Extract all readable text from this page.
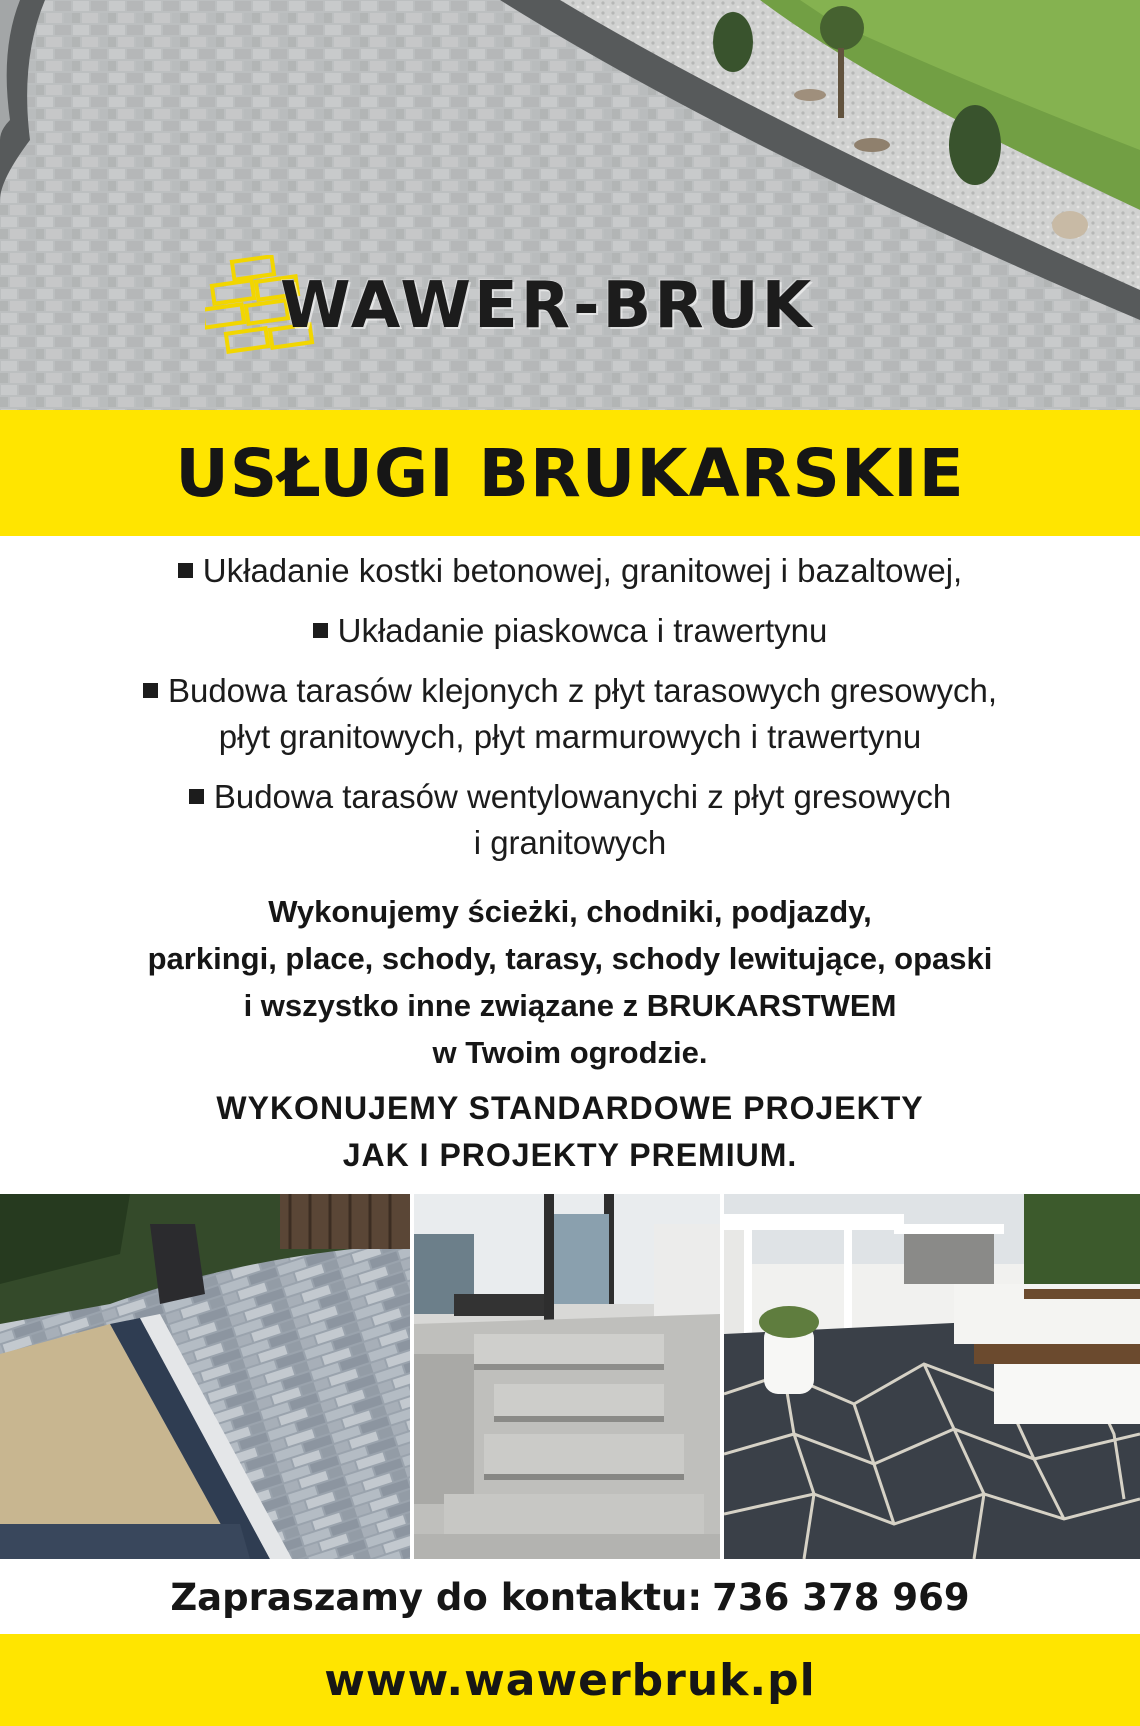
WAWER-BRUK
USŁUGI BRUKARSKIE

Układanie kostki betonowej, granitowej i bazaltowej,

Układanie piaskowca i trawertynu

Budowa tarasów klejonych z płyt tarasowych gresowych,
płyt granitowych, płyt marmurowych i trawertynu

Budowa tarasów wentylowanychi z płyt gresowych
i granitowych

Wykonujemy ścieżki, chodniki, podjazdy,

parkingi, place, schody, tarasy, schody lewitujące, opaski

i wszystko inne związane z BRUKARSTWEM

w Twoim ogrodzie.

WYKONUJEMY STANDARDOWE PROJEKTY

JAK I PROJEKTY PREMIUM.

Zapraszamy do kontaktu: 736 378 969
www.wawerbruk.pl
